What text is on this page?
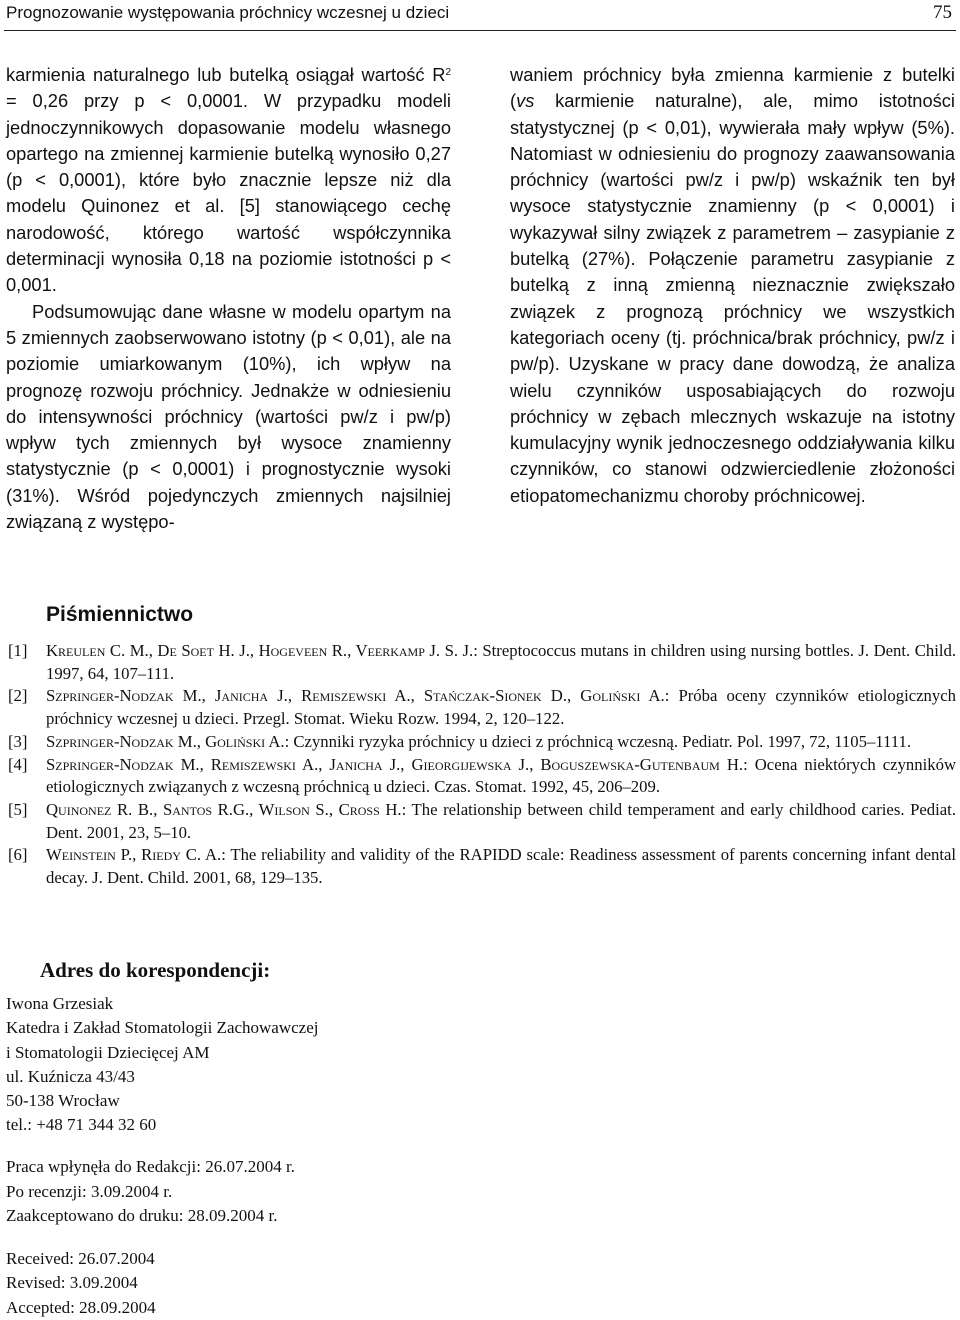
Prognozowanie występowania próchnicy wczesnej u dzieci	75

karmienia naturalnego lub butelką osiągał wartość $R^2 = 0,26$ przy p < 0,0001. W przypadku modeli jednoczynnikowych dopasowanie modelu własnego opartego na zmiennej karmienie butelką wynosiło 0,27 (p < 0,0001), które było znacznie lepsze niż dla modelu Quinonez et al. [5] stanowiącego cechę narodowość, którego wartość współczynnika determinacji wynosiła 0,18 na poziomie istotności p < 0,001.

Podsumowując dane własne w modelu opartym na 5 zmiennych zaobserwowano istotny (p < 0,01), ale na poziomie umiarkowanym (10%), ich wpływ na prognozę rozwoju próchnicy. Jednakże w odniesieniu do intensywności próchnicy (wartości pw/z i pw/p) wpływ tych zmiennych był wysoce znamienny statystycznie (p < 0,0001) i prognostycznie wysoki (31%). Wśród pojedynczych zmiennych najsilniej związaną z występo-

waniem próchnicy była zmienna karmienie z butelki (vs karmienie naturalne), ale, mimo istotności statystycznej (p < 0,01), wywierała mały wpływ (5%). Natomiast w odniesieniu do prognozy zaawansowania próchnicy (wartości pw/z i pw/p) wskaźnik ten był wysoce statystycznie znamienny (p < 0,0001) i wykazywał silny związek z parametrem – zasypianie z butelką (27%). Połączenie parametru zasypianie z butelką z inną zmienną nieznacznie zwiększało związek z prognozą próchnicy we wszystkich kategoriach oceny (tj. próchnica/brak próchnicy, pw/z i pw/p). Uzyskane w pracy dane dowodzą, że analiza wielu czynników usposabiających do rozwoju próchnicy w zębach mlecznych wskazuje na istotny kumulacyjny wynik jednoczesnego oddziaływania kilku czynników, co stanowi odzwierciedlenie złożoności etiopatomechanizmu choroby próchnicowej.

Piśmiennictwo
[1] Kreulen C. M., De Soet H. J., Hogeveen R., Veerkamp J. S. J.: Streptococcus mutans in children using nursing bottles. J. Dent. Child. 1997, 64, 107–111.
[2] Szpringer-Nodzak M., Janicha J., Remiszewski A., Stańczak-Sionek D., Goliński A.: Próba oceny czynników etiologicznych próchnicy wczesnej u dzieci. Przegl. Stomat. Wieku Rozw. 1994, 2, 120–122.
[3] Szpringer-Nodzak M., Goliński A.: Czynniki ryzyka próchnicy u dzieci z próchnicą wczesną. Pediatr. Pol. 1997, 72, 1105–1111.
[4] Szpringer-Nodzak M., Remiszewski A., Janicha J., Gieorgijewska J., Boguszewska-Gutenbaum H.: Ocena niektórych czynników etiologicznych związanych z wczesną próchnicą u dzieci. Czas. Stomat. 1992, 45, 206–209.
[5] Quinonez R. B., Santos R.G., Wilson S., Cross H.: The relationship between child temperament and early childhood caries. Pediat. Dent. 2001, 23, 5–10.
[6] Weinstein P., Riedy C. A.: The reliability and validity of the RAPIDD scale: Readiness assessment of parents concerning infant dental decay. J. Dent. Child. 2001, 68, 129–135.
Adres do korespondencji:
Iwona Grzesiak
Katedra i Zakład Stomatologii Zachowawczej
i Stomatologii Dziecięcej AM
ul. Kuźnicza 43/43
50-138 Wrocław
tel.: +48 71 344 32 60
Praca wpłynęła do Redakcji: 26.07.2004 r.
Po recenzji: 3.09.2004 r.
Zaakceptowano do druku: 28.09.2004 r.
Received: 26.07.2004
Revised: 3.09.2004
Accepted: 28.09.2004
